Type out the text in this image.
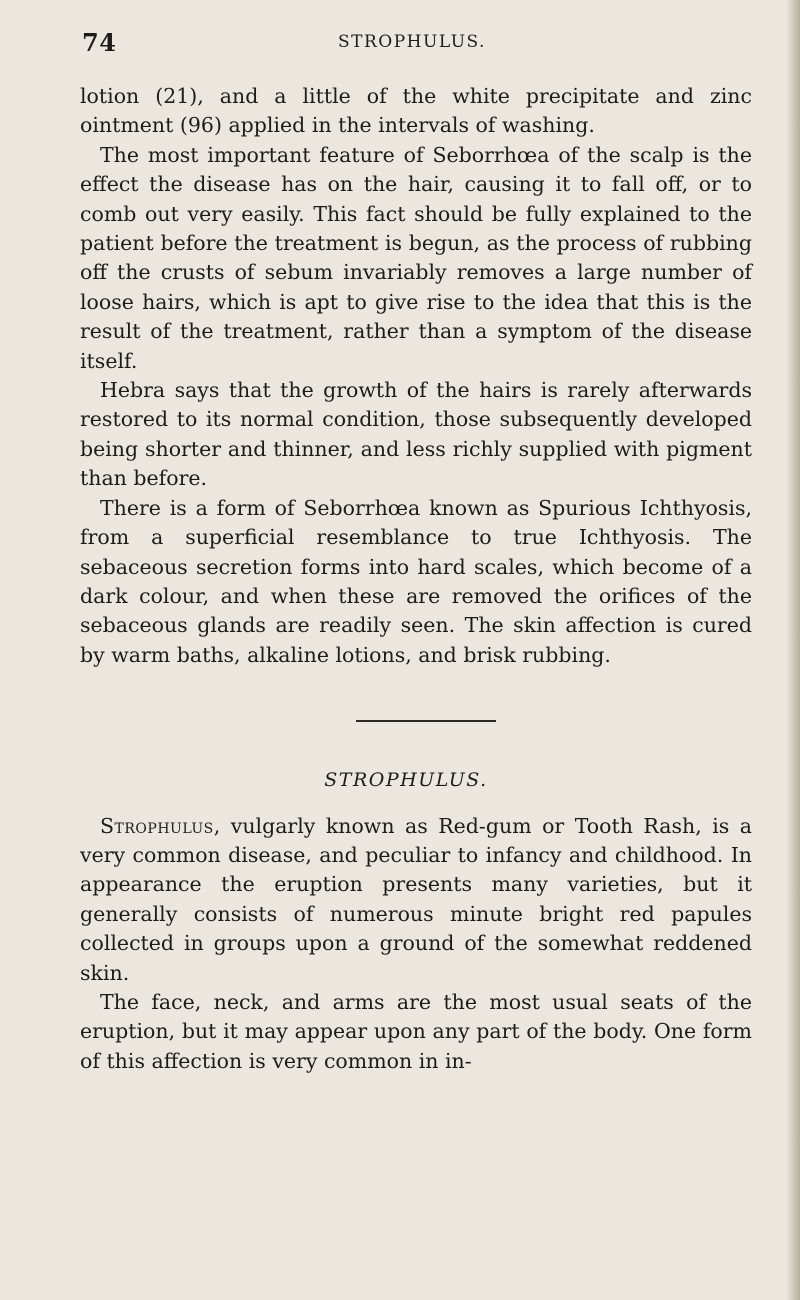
74	STROPHULUS.

lotion (21), and a little of the white precipitate and zinc ointment (96) applied in the intervals of washing.

The most important feature of Seborrhœa of the scalp is the effect the disease has on the hair, causing it to fall off, or to comb out very easily. This fact should be fully explained to the patient before the treatment is begun, as the process of rubbing off the crusts of sebum invariably removes a large number of loose hairs, which is apt to give rise to the idea that this is the result of the treatment, rather than a symptom of the disease itself.

Hebra says that the growth of the hairs is rarely afterwards restored to its normal condition, those subsequently developed being shorter and thinner, and less richly supplied with pigment than before.

There is a form of Seborrhœa known as Spurious Ichthyosis, from a superficial resemblance to true Ichthyosis. The sebaceous secretion forms into hard scales, which become of a dark colour, and when these are removed the orifices of the sebaceous glands are readily seen. The skin affection is cured by warm baths, alkaline lotions, and brisk rubbing.

STROPHULUS.

Strophulus, vulgarly known as Red-gum or Tooth Rash, is a very common disease, and peculiar to infancy and childhood. In appearance the eruption presents many varieties, but it generally consists of numerous minute bright red papules collected in groups upon a ground of the somewhat reddened skin.

The face, neck, and arms are the most usual seats of the eruption, but it may appear upon any part of the body. One form of this affection is very common in in-
